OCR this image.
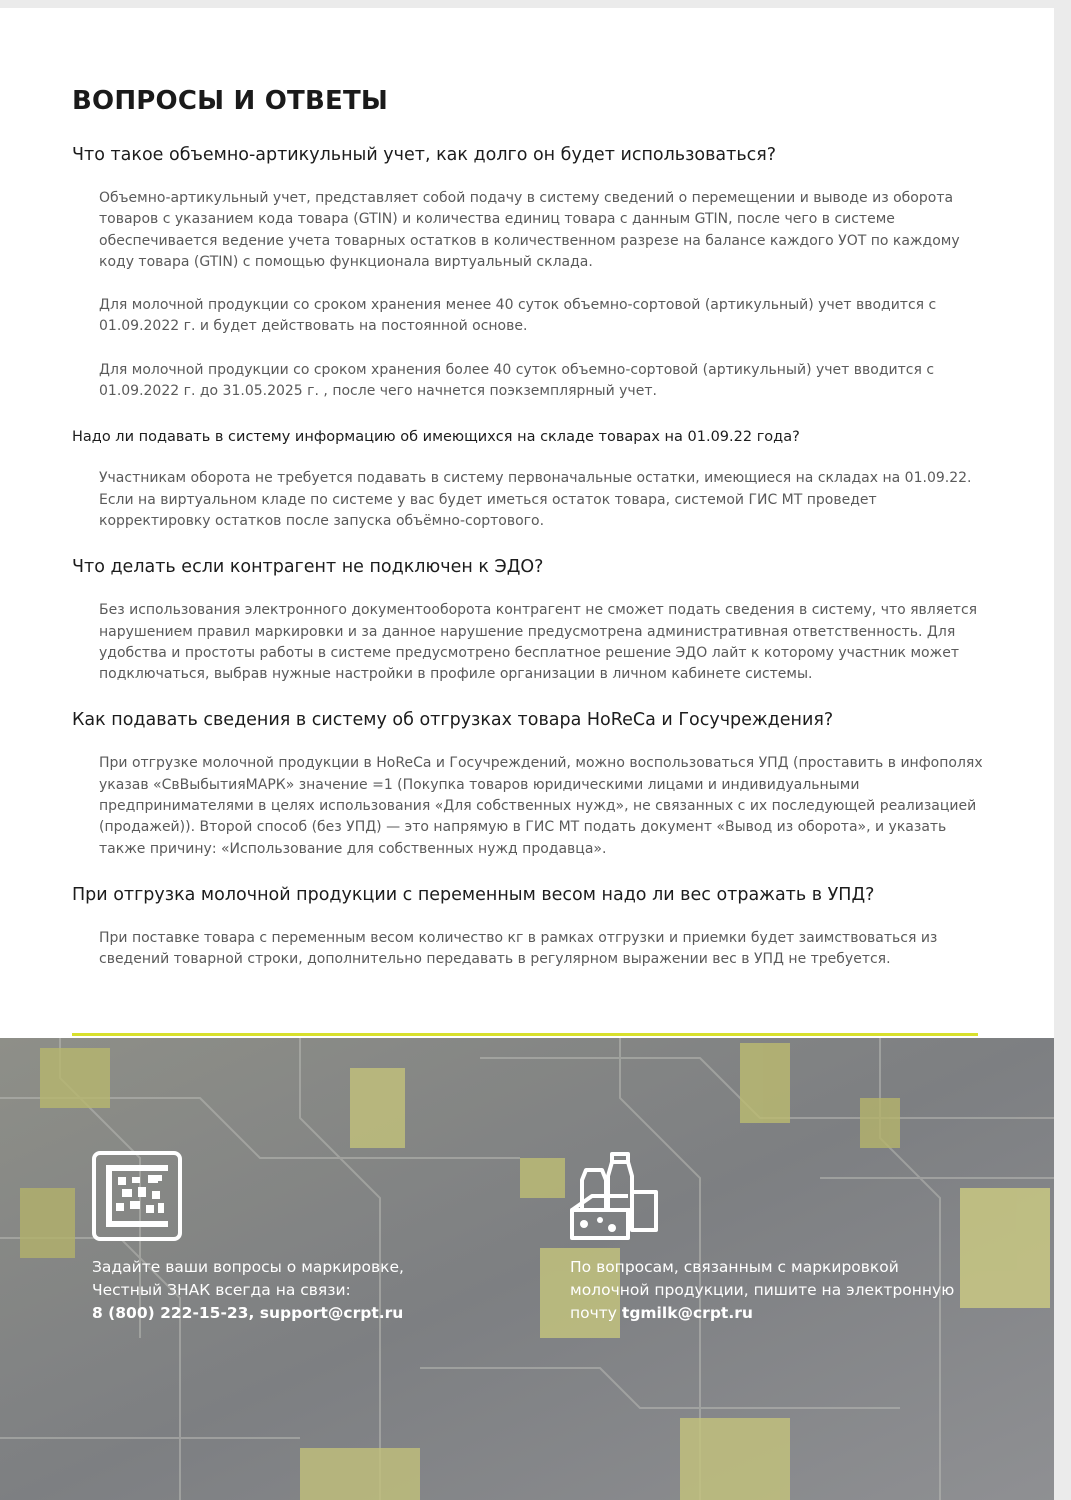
ВОПРОСЫ И ОТВЕТЫ
Что такое объемно-артикульный учет, как долго он будет использоваться?

Объемно-артикульный учет, представляет собой подачу в систему сведений о перемещении и выводе из оборота товаров с указанием кода товара (GTIN) и количества единиц товара с данным GTIN, после чего в системе обеспечивается ведение учета товарных остатков в количественном разрезе на балансе каждого УОТ по каждому коду товара (GTIN) с помощью функционала виртуальный склада.

Для молочной продукции со сроком хранения менее 40 суток объемно-сортовой (артикульный) учет вводится с 01.09.2022 г. и будет действовать на постоянной основе.

Для молочной продукции со сроком хранения более 40 суток объемно-сортовой (артикульный) учет вводится с 01.09.2022 г. до 31.05.2025 г. , после чего начнется поэкземплярный учет.

Надо ли подавать в систему информацию об имеющихся на складе товарах на 01.09.22 года?

Участникам оборота не требуется подавать в систему первоначальные остатки, имеющиеся на складах на 01.09.22. Если на виртуальном кладе по системе у вас будет иметься остаток товара, системой ГИС МТ проведет корректировку остатков после запуска объёмно-сортового.

Что делать если контрагент не подключен к ЭДО?

Без использования электронного документооборота контрагент не сможет подать сведения в систему, что является нарушением правил маркировки и за данное нарушение предусмотрена административная ответственность. Для удобства и простоты работы в системе предусмотрено бесплатное решение ЭДО лайт к которому участник может подключаться, выбрав нужные настройки в профиле организации в личном кабинете системы.

Как подавать сведения в систему об отгрузках товара HoReCa и Госучреждения?

При отгрузке молочной продукции в HoReCa и Госучреждений, можно воспользоваться УПД (проставить в инфополях указав «СвВыбытияМАРК» значение =1 (Покупка товаров юридическими лицами и индивидуальными предпринимателями в целях использования «Для собственных нужд», не связанных с их последующей реализацией (продажей)). Второй способ (без УПД) — это напрямую в ГИС МТ подать документ «Вывод из оборота», и указать также причину: «Использование для собственных нужд продавца».

При отгрузка молочной продукции с переменным весом надо ли вес отражать в УПД?

При поставке товара с переменным весом количество кг в рамках отгрузки и приемки будет заимствоваться из сведений товарной строки, дополнительно передавать в регулярном выражении вес в УПД не требуется.

Задайте ваши вопросы о маркировке,
Честный ЗНАК всегда на связи:
8 (800) 222-15-23, support@crpt.ru
По вопросам, связанным с маркировкой
молочной продукции, пишите на электронную
почту tgmilk@crpt.ru
